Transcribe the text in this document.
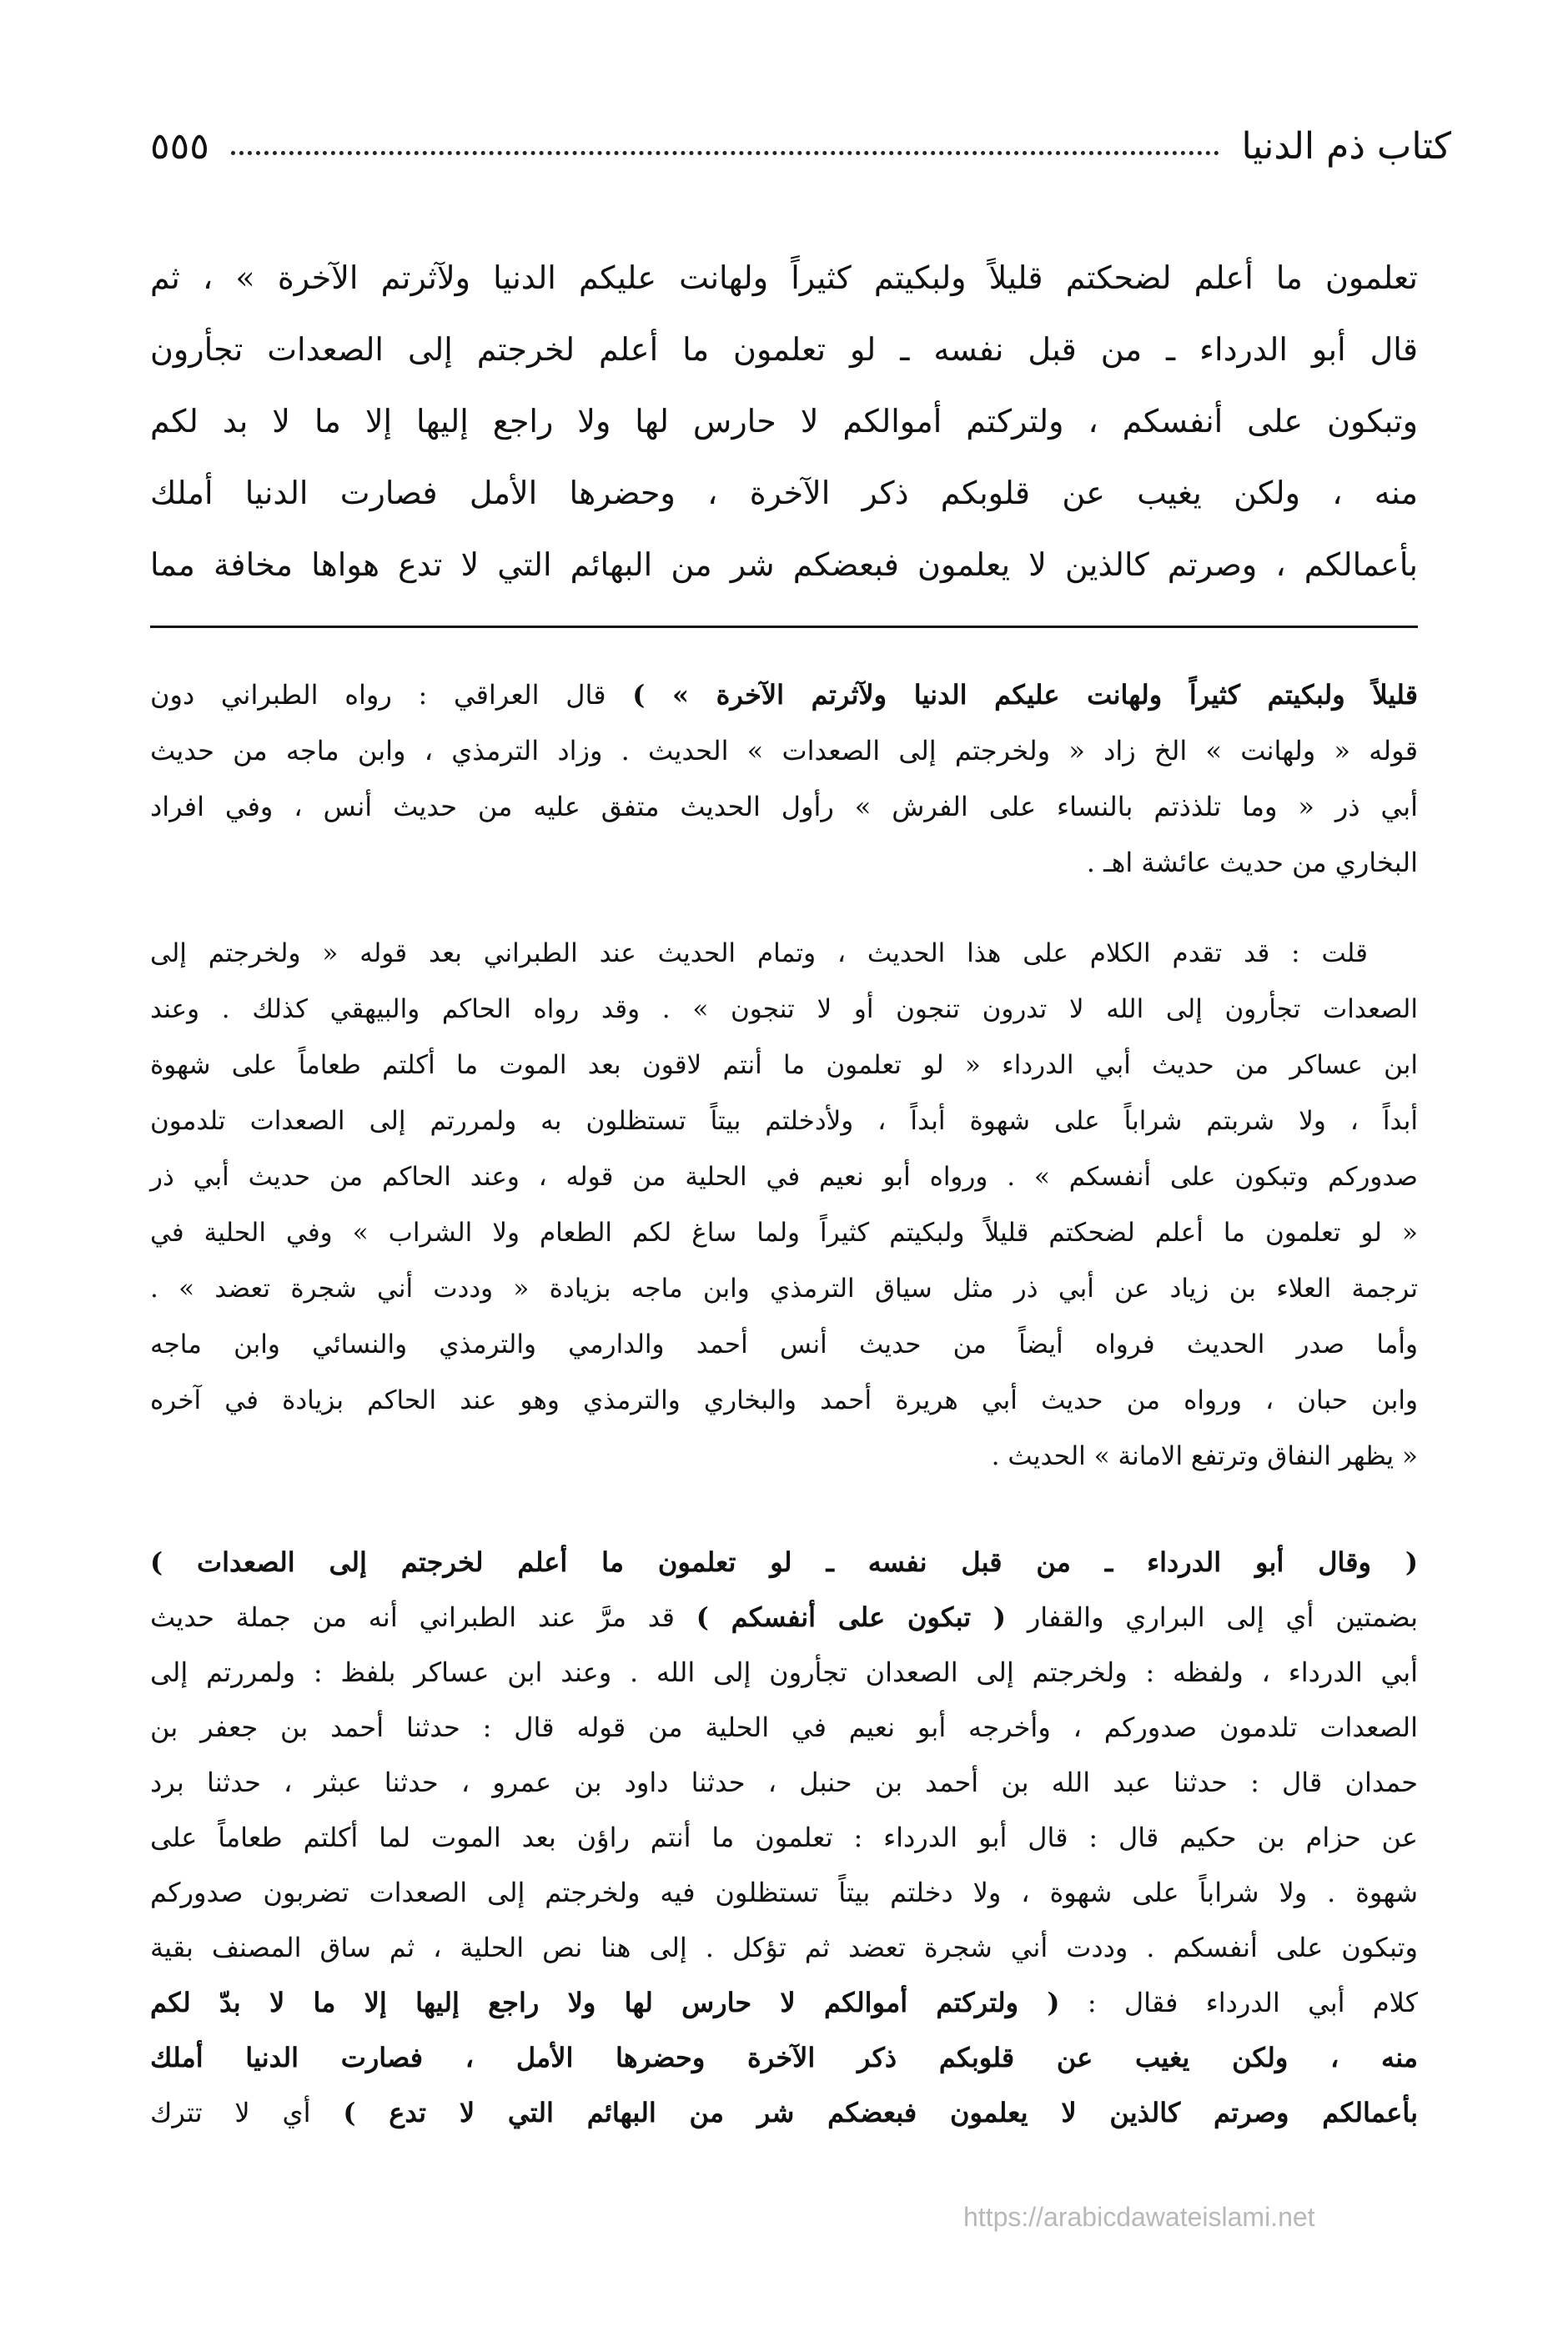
كتاب ذم الدنيا
٥٥٥
تعلمون ما أعلم لضحكتم قليلاً ولبكيتم كثيراً ولهانت عليكم الدنيا ولآثرتم الآخرة » ، ثم
قال أبو الدرداء ـ من قبل نفسه ـ لو تعلمون ما أعلم لخرجتم إلى الصعدات تجأرون
وتبكون على أنفسكم ، ولتركتم أموالكم لا حارس لها ولا راجع إليها إلا ما لا بد لكم
منه ، ولكن يغيب عن قلوبكم ذكر الآخرة ، وحضرها الأمل فصارت الدنيا أملك
بأعمالكم ، وصرتم كالذين لا يعلمون فبعضكم شر من البهائم التي لا تدع هواها مخافة مما
قليلاً ولبكيتم كثيراً ولهانت عليكم الدنيا ولآثرتم الآخرة » ) قال العراقي : رواه الطبراني دون
قوله « ولهانت » الخ زاد « ولخرجتم إلى الصعدات » الحديث . وزاد الترمذي ، وابن ماجه من حديث
أبي ذر « وما تلذذتم بالنساء على الفرش » رأول الحديث متفق عليه من حديث أنس ، وفي افراد
البخاري من حديث عائشة اهـ .
قلت : قد تقدم الكلام على هذا الحديث ، وتمام الحديث عند الطبراني بعد قوله « ولخرجتم إلى
الصعدات تجأرون إلى الله لا تدرون تنجون أو لا تنجون » . وقد رواه الحاكم والبيهقي كذلك . وعند
ابن عساكر من حديث أبي الدرداء « لو تعلمون ما أنتم لاقون بعد الموت ما أكلتم طعاماً على شهوة
أبداً ، ولا شربتم شراباً على شهوة أبداً ، ولأدخلتم بيتاً تستظلون به ولمررتم إلى الصعدات تلدمون
صدوركم وتبكون على أنفسكم » . ورواه أبو نعيم في الحلية من قوله ، وعند الحاكم من حديث أبي ذر
« لو تعلمون ما أعلم لضحكتم قليلاً ولبكيتم كثيراً ولما ساغ لكم الطعام ولا الشراب » وفي الحلية في
ترجمة العلاء بن زياد عن أبي ذر مثل سياق الترمذي وابن ماجه بزيادة « وددت أني شجرة تعضد » .
وأما صدر الحديث فرواه أيضاً من حديث أنس أحمد والدارمي والترمذي والنسائي وابن ماجه
وابن حبان ، ورواه من حديث أبي هريرة أحمد والبخاري والترمذي وهو عند الحاكم بزيادة في آخره
« يظهر النفاق وترتفع الامانة » الحديث .
( وقال أبو الدرداء ـ من قبل نفسه ـ لو تعلمون ما أعلم لخرجتم إلى الصعدات )
بضمتين أي إلى البراري والقفار ( تبكون على أنفسكم ) قد مرَّ عند الطبراني أنه من جملة حديث
أبي الدرداء ، ولفظه : ولخرجتم إلى الصعدان تجأرون إلى الله . وعند ابن عساكر بلفظ : ولمررتم إلى
الصعدات تلدمون صدوركم ، وأخرجه أبو نعيم في الحلية من قوله قال : حدثنا أحمد بن جعفر بن
حمدان قال : حدثنا عبد الله بن أحمد بن حنبل ، حدثنا داود بن عمرو ، حدثنا عبثر ، حدثنا برد
عن حزام بن حكيم قال : قال أبو الدرداء : تعلمون ما أنتم راؤن بعد الموت لما أكلتم طعاماً على
شهوة . ولا شراباً على شهوة ، ولا دخلتم بيتاً تستظلون فيه ولخرجتم إلى الصعدات تضربون صدوركم
وتبكون على أنفسكم . وددت أني شجرة تعضد ثم تؤكل . إلى هنا نص الحلية ، ثم ساق المصنف بقية
كلام أبي الدرداء فقال : ( ولتركتم أموالكم لا حارس لها ولا راجع إليها إلا ما لا بدّ لكم
منه ، ولكن يغيب عن قلوبكم ذكر الآخرة وحضرها الأمل ، فصارت الدنيا أملك
بأعمالكم وصرتم كالذين لا يعلمون فبعضكم شر من البهائم التي لا تدع ) أي لا تترك
https://arabicdawateislami.net
